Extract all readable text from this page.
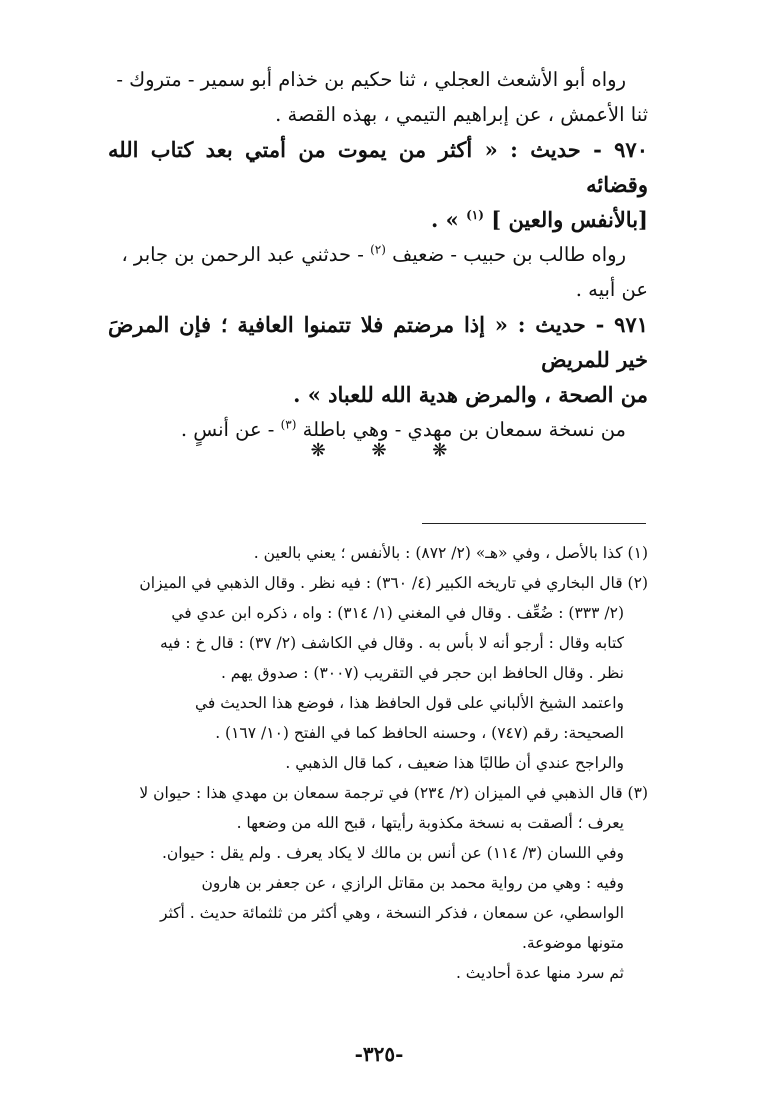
رواه أبو الأشعث العجلي ، ثنا حكيم بن خذام أبو سمير - متروك -
ثنا الأعمش ، عن إبراهيم التيمي ، بهذه القصة .

٩٧٠ - حديث : « أكثر من يموت من أمتي بعد كتاب الله وقضائه
[بالأنفس والعين ] $^{(١)}$ » .

رواه طالب بن حبيب - ضعيف $^{(٢)}$ - حدثني عبد الرحمن بن جابر ،
عن أبيه .

٩٧١ - حديث : « إذا مرضتم فلا تتمنوا العافية ؛ فإن المرضَ خير للمريض
من الصحة ، والمرض هدية الله للعباد » .

من نسخة سمعان بن مهدي - وهي باطلة $^{(٣)}$ - عن أنسٍ .

❋	❋	❋

(١) كذا بالأصل ، وفي «هـ» (٢/ ٨٧٢) : بالأنفس ؛ يعني بالعين .

(٢) قال البخاري في تاريخه الكبير (٤/ ٣٦٠) : فيه نظر . وقال الذهبي في الميزان

(٢/ ٣٣٣) : ضُعِّف . وقال في المغني (١/ ٣١٤) : واه ، ذكره ابن عدي في
كتابه وقال : أرجو أنه لا بأس به . وقال في الكاشف (٢/ ٣٧) : قال خ : فيه
نظر . وقال الحافظ ابن حجر في التقريب (٣٠٠٧) : صدوق يهم .
واعتمد الشيخ الألباني على قول الحافظ هذا ، فوضع هذا الحديث في
الصحيحة: رقم (٧٤٧) ، وحسنه الحافظ كما في الفتح (١٠/ ١٦٧) .
والراجح عندي أن طالبًا هذا ضعيف ، كما قال الذهبي .

(٣) قال الذهبي في الميزان (٢/ ٢٣٤) في ترجمة سمعان بن مهدي هذا : حيوان لا

يعرف ؛ ألصقت به نسخة مكذوبة رأيتها ، قبح الله من وضعها .
وفي اللسان (٣/ ١١٤) عن أنس بن مالك لا يكاد يعرف . ولم يقل : حيوان.
وفيه : وهي من رواية محمد بن مقاتل الرازي ، عن جعفر بن هارون
الواسطي، عن سمعان ، فذكر النسخة ، وهي أكثر من ثلثمائة حديث . أكثر
متونها موضوعة.
ثم سرد منها عدة أحاديث .

-٣٢٥-
